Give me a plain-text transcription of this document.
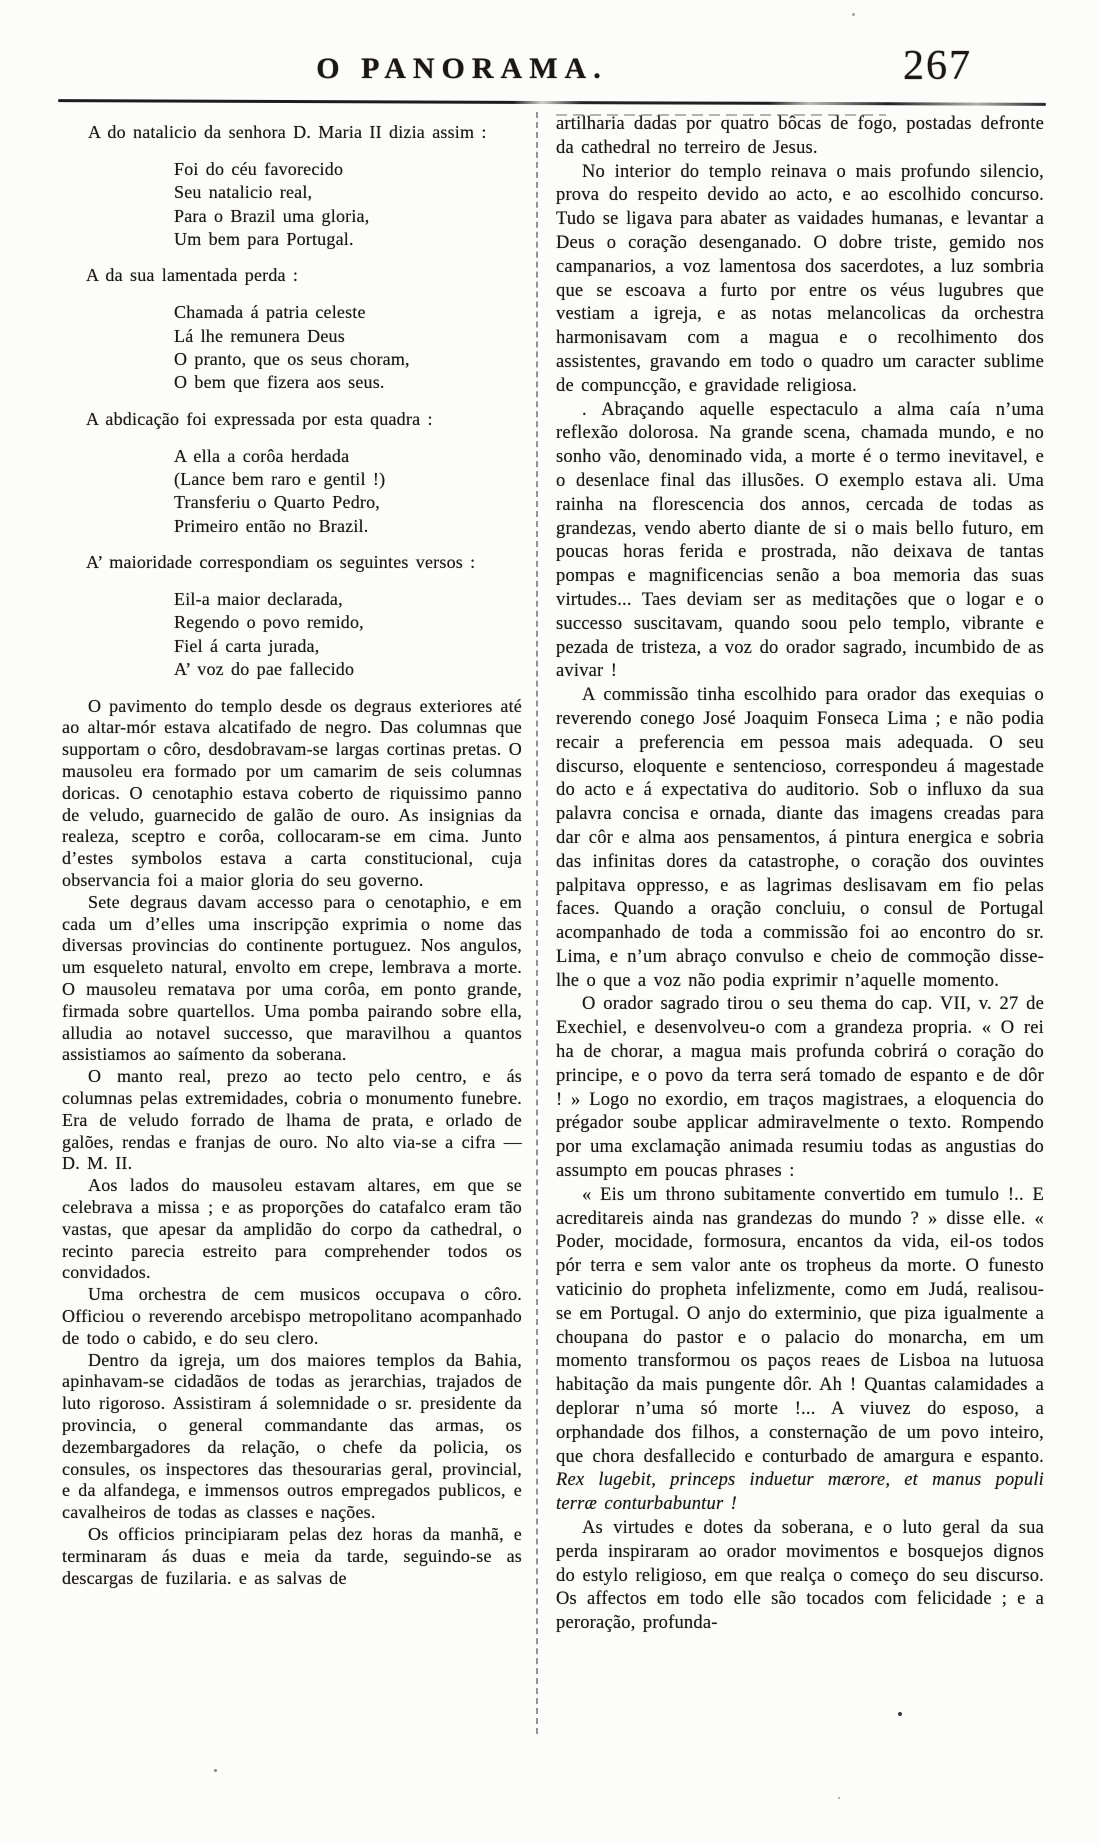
O PANORAMA.	267

A do natalicio da senhora D. Maria II dizia assim :

Foi do céu favorecido
Seu natalicio real,
Para o Brazil uma gloria,
Um bem para Portugal.

A da sua lamentada perda :

Chamada á patria celeste
Lá lhe remunera Deus
O pranto, que os seus choram,
O bem que fizera aos seus.

A abdicação foi expressada por esta quadra :

A ella a corôa herdada
(Lance bem raro e gentil !)
Transferiu o Quarto Pedro,
Primeiro então no Brazil.

A’ maioridade correspondiam os seguintes versos :

Eil-a maior declarada,
Regendo o povo remido,
Fiel á carta jurada,
A’ voz do pae fallecido

O pavimento do templo desde os degraus exteriores até ao altar-mór estava alcatifado de negro. Das columnas que supportam o côro, desdobravam-se largas cortinas pretas. O mausoleu era formado por um camarim de seis columnas doricas. O cenotaphio estava coberto de riquissimo panno de veludo, guarnecido de galão de ouro. As insignias da realeza, sceptro e corôa, collocaram-se em cima. Junto d’estes symbolos estava a carta constitucional, cuja observancia foi a maior gloria do seu governo.

Sete degraus davam accesso para o cenotaphio, e em cada um d’elles uma inscripção exprimia o nome das diversas provincias do continente portuguez. Nos angulos, um esqueleto natural, envolto em crepe, lembrava a morte. O mausoleu rematava por uma corôa, em ponto grande, firmada sobre quartellos. Uma pomba pairando sobre ella, alludia ao notavel successo, que maravilhou a quantos assistiamos ao saímento da soberana.

O manto real, prezo ao tecto pelo centro, e ás columnas pelas extremidades, cobria o monumento funebre. Era de veludo forrado de lhama de prata, e orlado de galões, rendas e franjas de ouro. No alto via-se a cifra — D. M. II.

Aos lados do mausoleu estavam altares, em que se celebrava a missa ; e as proporções do catafalco eram tão vastas, que apesar da amplidão do corpo da cathedral, o recinto parecia estreito para comprehender todos os convidados.

Uma orchestra de cem musicos occupava o côro. Officiou o reverendo arcebispo metropolitano acompanhado de todo o cabido, e do seu clero.

Dentro da igreja, um dos maiores templos da Bahia, apinhavam-se cidadãos de todas as jerarchias, trajados de luto rigoroso. Assistiram á solemnidade o sr. presidente da provincia, o general commandante das armas, os dezembargadores da relação, o chefe da policia, os consules, os inspectores das thesourarias geral, provincial, e da alfandega, e immensos outros empregados publicos, e cavalheiros de todas as classes e nações.

Os officios principiaram pelas dez horas da manhã, e terminaram ás duas e meia da tarde, seguindo-se as descargas de fuzilaria. e as salvas de

artilharia dadas por quatro bôcas de fogo, postadas defronte da cathedral no terreiro de Jesus.

No interior do templo reinava o mais profundo silencio, prova do respeito devido ao acto, e ao escolhido concurso. Tudo se ligava para abater as vaidades humanas, e levantar a Deus o coração desenganado. O dobre triste, gemido nos campanarios, a voz lamentosa dos sacerdotes, a luz sombria que se escoava a furto por entre os véus lugubres que vestiam a igreja, e as notas melancolicas da orchestra harmonisavam com a magua e o recolhimento dos assistentes, gravando em todo o quadro um caracter sublime de compuncção, e gravidade religiosa.

. Abraçando aquelle espectaculo a alma caía n’uma reflexão dolorosa. Na grande scena, chamada mundo, e no sonho vão, denominado vida, a morte é o termo inevitavel, e o desenlace final das illusões. O exemplo estava ali. Uma rainha na florescencia dos annos, cercada de todas as grandezas, vendo aberto diante de si o mais bello futuro, em poucas horas ferida e prostrada, não deixava de tantas pompas e magnificencias senão a boa memoria das suas virtudes... Taes deviam ser as meditações que o logar e o successo suscitavam, quando soou pelo templo, vibrante e pezada de tristeza, a voz do orador sagrado, incumbido de as avivar !

A commissão tinha escolhido para orador das exequias o reverendo conego José Joaquim Fonseca Lima ; e não podia recair a preferencia em pessoa mais adequada. O seu discurso, eloquente e sentencioso, correspondeu á magestade do acto e á expectativa do auditorio. Sob o influxo da sua palavra concisa e ornada, diante das imagens creadas para dar côr e alma aos pensamentos, á pintura energica e sobria das infinitas dores da catastrophe, o coração dos ouvintes palpitava oppresso, e as lagrimas deslisavam em fio pelas faces. Quando a oração concluiu, o consul de Portugal acompanhado de toda a commissão foi ao encontro do sr. Lima, e n’um abraço convulso e cheio de commoção disse-lhe o que a voz não podia exprimir n’aquelle momento.

O orador sagrado tirou o seu thema do cap. VII, v. 27 de Exechiel, e desenvolveu-o com a grandeza propria. « O rei ha de chorar, a magua mais profunda cobrirá o coração do principe, e o povo da terra será tomado de espanto e de dôr ! » Logo no exordio, em traços magistraes, a eloquencia do prégador soube applicar admiravelmente o texto. Rompendo por uma exclamação animada resumiu todas as angustias do assumpto em poucas phrases :

« Eis um throno subitamente convertido em tumulo !.. E acreditareis ainda nas grandezas do mundo ? » disse elle. « Poder, mocidade, formosura, encantos da vida, eil-os todos pór terra e sem valor ante os tropheus da morte. O funesto vaticinio do propheta infelizmente, como em Judá, realisou-se em Portugal. O anjo do exterminio, que piza igualmente a choupana do pastor e o palacio do monarcha, em um momento transformou os paços reaes de Lisboa na lutuosa habitação da mais pungente dôr. Ah ! Quantas calamidades a deplorar n’uma só morte !... A viuvez do esposo, a orphandade dos filhos, a consternação de um povo inteiro, que chora desfallecido e conturbado de amargura e espanto. Rex lugebit, princeps induetur mærore, et manus populi terræ conturbabuntur !

As virtudes e dotes da soberana, e o luto geral da sua perda inspiraram ao orador movimentos e bosquejos dignos do estylo religioso, em que realça o começo do seu discurso. Os affectos em todo elle são tocados com felicidade ; e a peroração, profunda-
